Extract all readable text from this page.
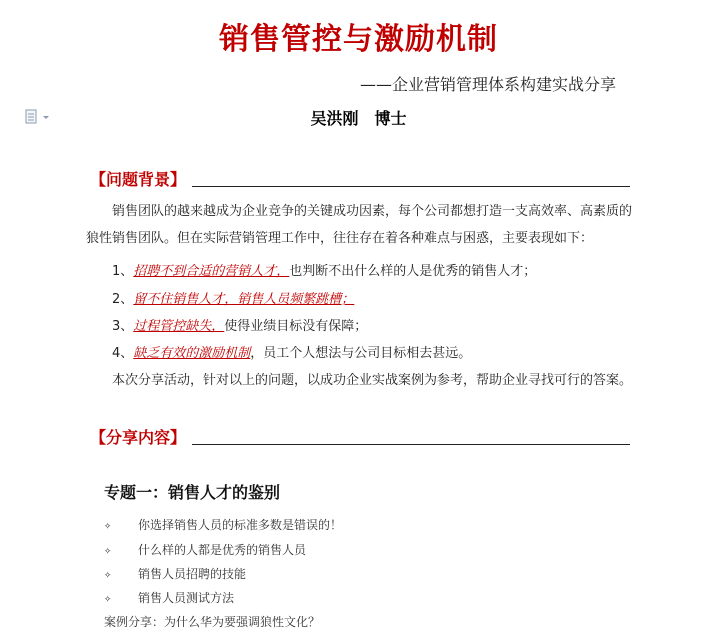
销售管控与激励机制
——企业营销管理体系构建实战分享
吴洪刚　博士
【问题背景】
销售团队的越来越成为企业竞争的关键成功因素，每个公司都想打造一支高效率、高素质的狼性销售团队。但在实际营销管理工作中，往往存在着各种难点与困惑，主要表现如下：
1、招聘不到合适的营销人才，也判断不出什么样的人是优秀的销售人才；
2、留不住销售人才，销售人员频繁跳槽；
3、过程管控缺失，使得业绩目标没有保障；
4、缺乏有效的激励机制，员工个人想法与公司目标相去甚远。
本次分享活动，针对以上的问题，以成功企业实战案例为参考，帮助企业寻找可行的答案。
【分享内容】
专题一：销售人才的鉴别
✧ 你选择销售人员的标准多数是错误的！
✧ 什么样的人都是优秀的销售人员
✧ 销售人员招聘的技能
✧ 销售人员测试方法
案例分享：为什么华为要强调狼性文化？
